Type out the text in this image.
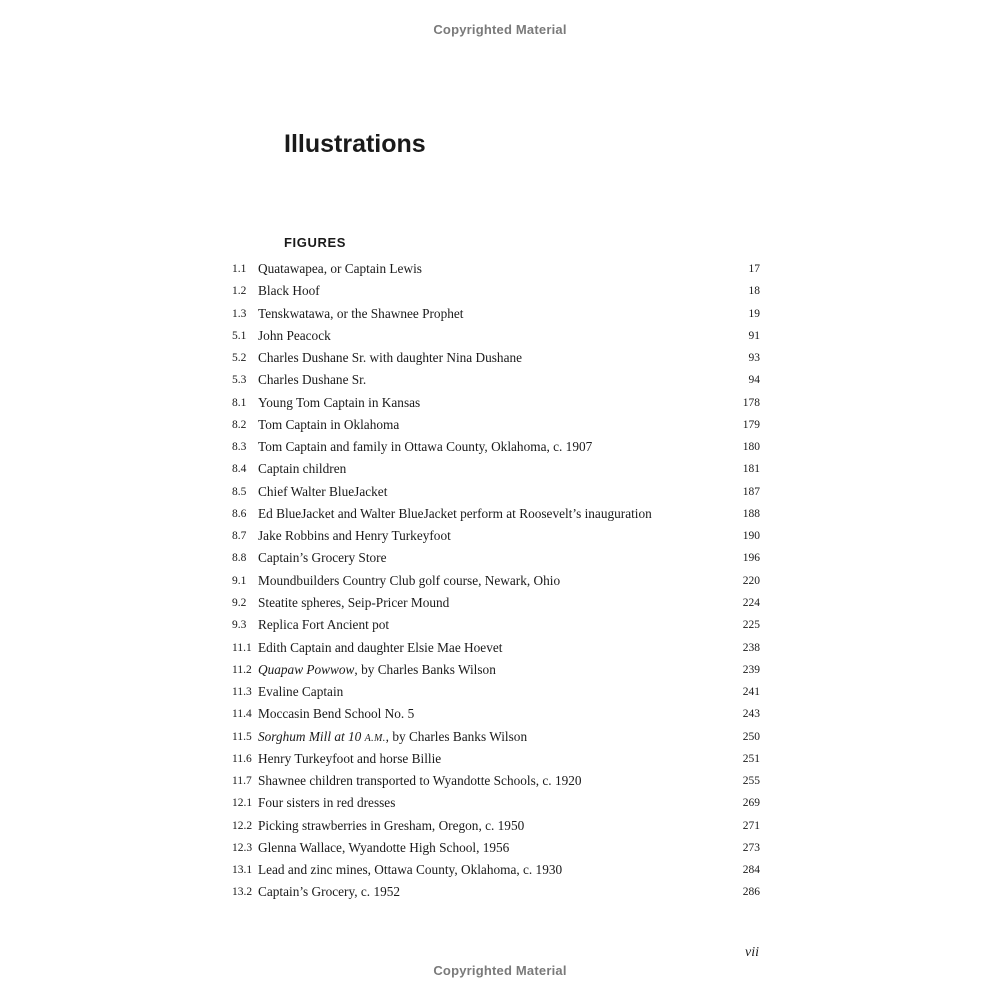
Copyrighted Material
Illustrations
FIGURES
1.1 Quatawapea, or Captain Lewis	17
1.2 Black Hoof	18
1.3 Tenskwatawa, or the Shawnee Prophet	19
5.1 John Peacock	91
5.2 Charles Dushane Sr. with daughter Nina Dushane	93
5.3 Charles Dushane Sr.	94
8.1 Young Tom Captain in Kansas	178
8.2 Tom Captain in Oklahoma	179
8.3 Tom Captain and family in Ottawa County, Oklahoma, c. 1907	180
8.4 Captain children	181
8.5 Chief Walter BlueJacket	187
8.6 Ed BlueJacket and Walter BlueJacket perform at Roosevelt’s inauguration	188
8.7 Jake Robbins and Henry Turkeyfoot	190
8.8 Captain’s Grocery Store	196
9.1 Moundbuilders Country Club golf course, Newark, Ohio	220
9.2 Steatite spheres, Seip-Pricer Mound	224
9.3 Replica Fort Ancient pot	225
11.1 Edith Captain and daughter Elsie Mae Hoevet	238
11.2 Quapaw Powwow, by Charles Banks Wilson	239
11.3 Evaline Captain	241
11.4 Moccasin Bend School No. 5	243
11.5 Sorghum Mill at 10 A.M., by Charles Banks Wilson	250
11.6 Henry Turkeyfoot and horse Billie	251
11.7 Shawnee children transported to Wyandotte Schools, c. 1920	255
12.1 Four sisters in red dresses	269
12.2 Picking strawberries in Gresham, Oregon, c. 1950	271
12.3 Glenna Wallace, Wyandotte High School, 1956	273
13.1 Lead and zinc mines, Ottawa County, Oklahoma, c. 1930	284
13.2 Captain’s Grocery, c. 1952	286
vii
Copyrighted Material
